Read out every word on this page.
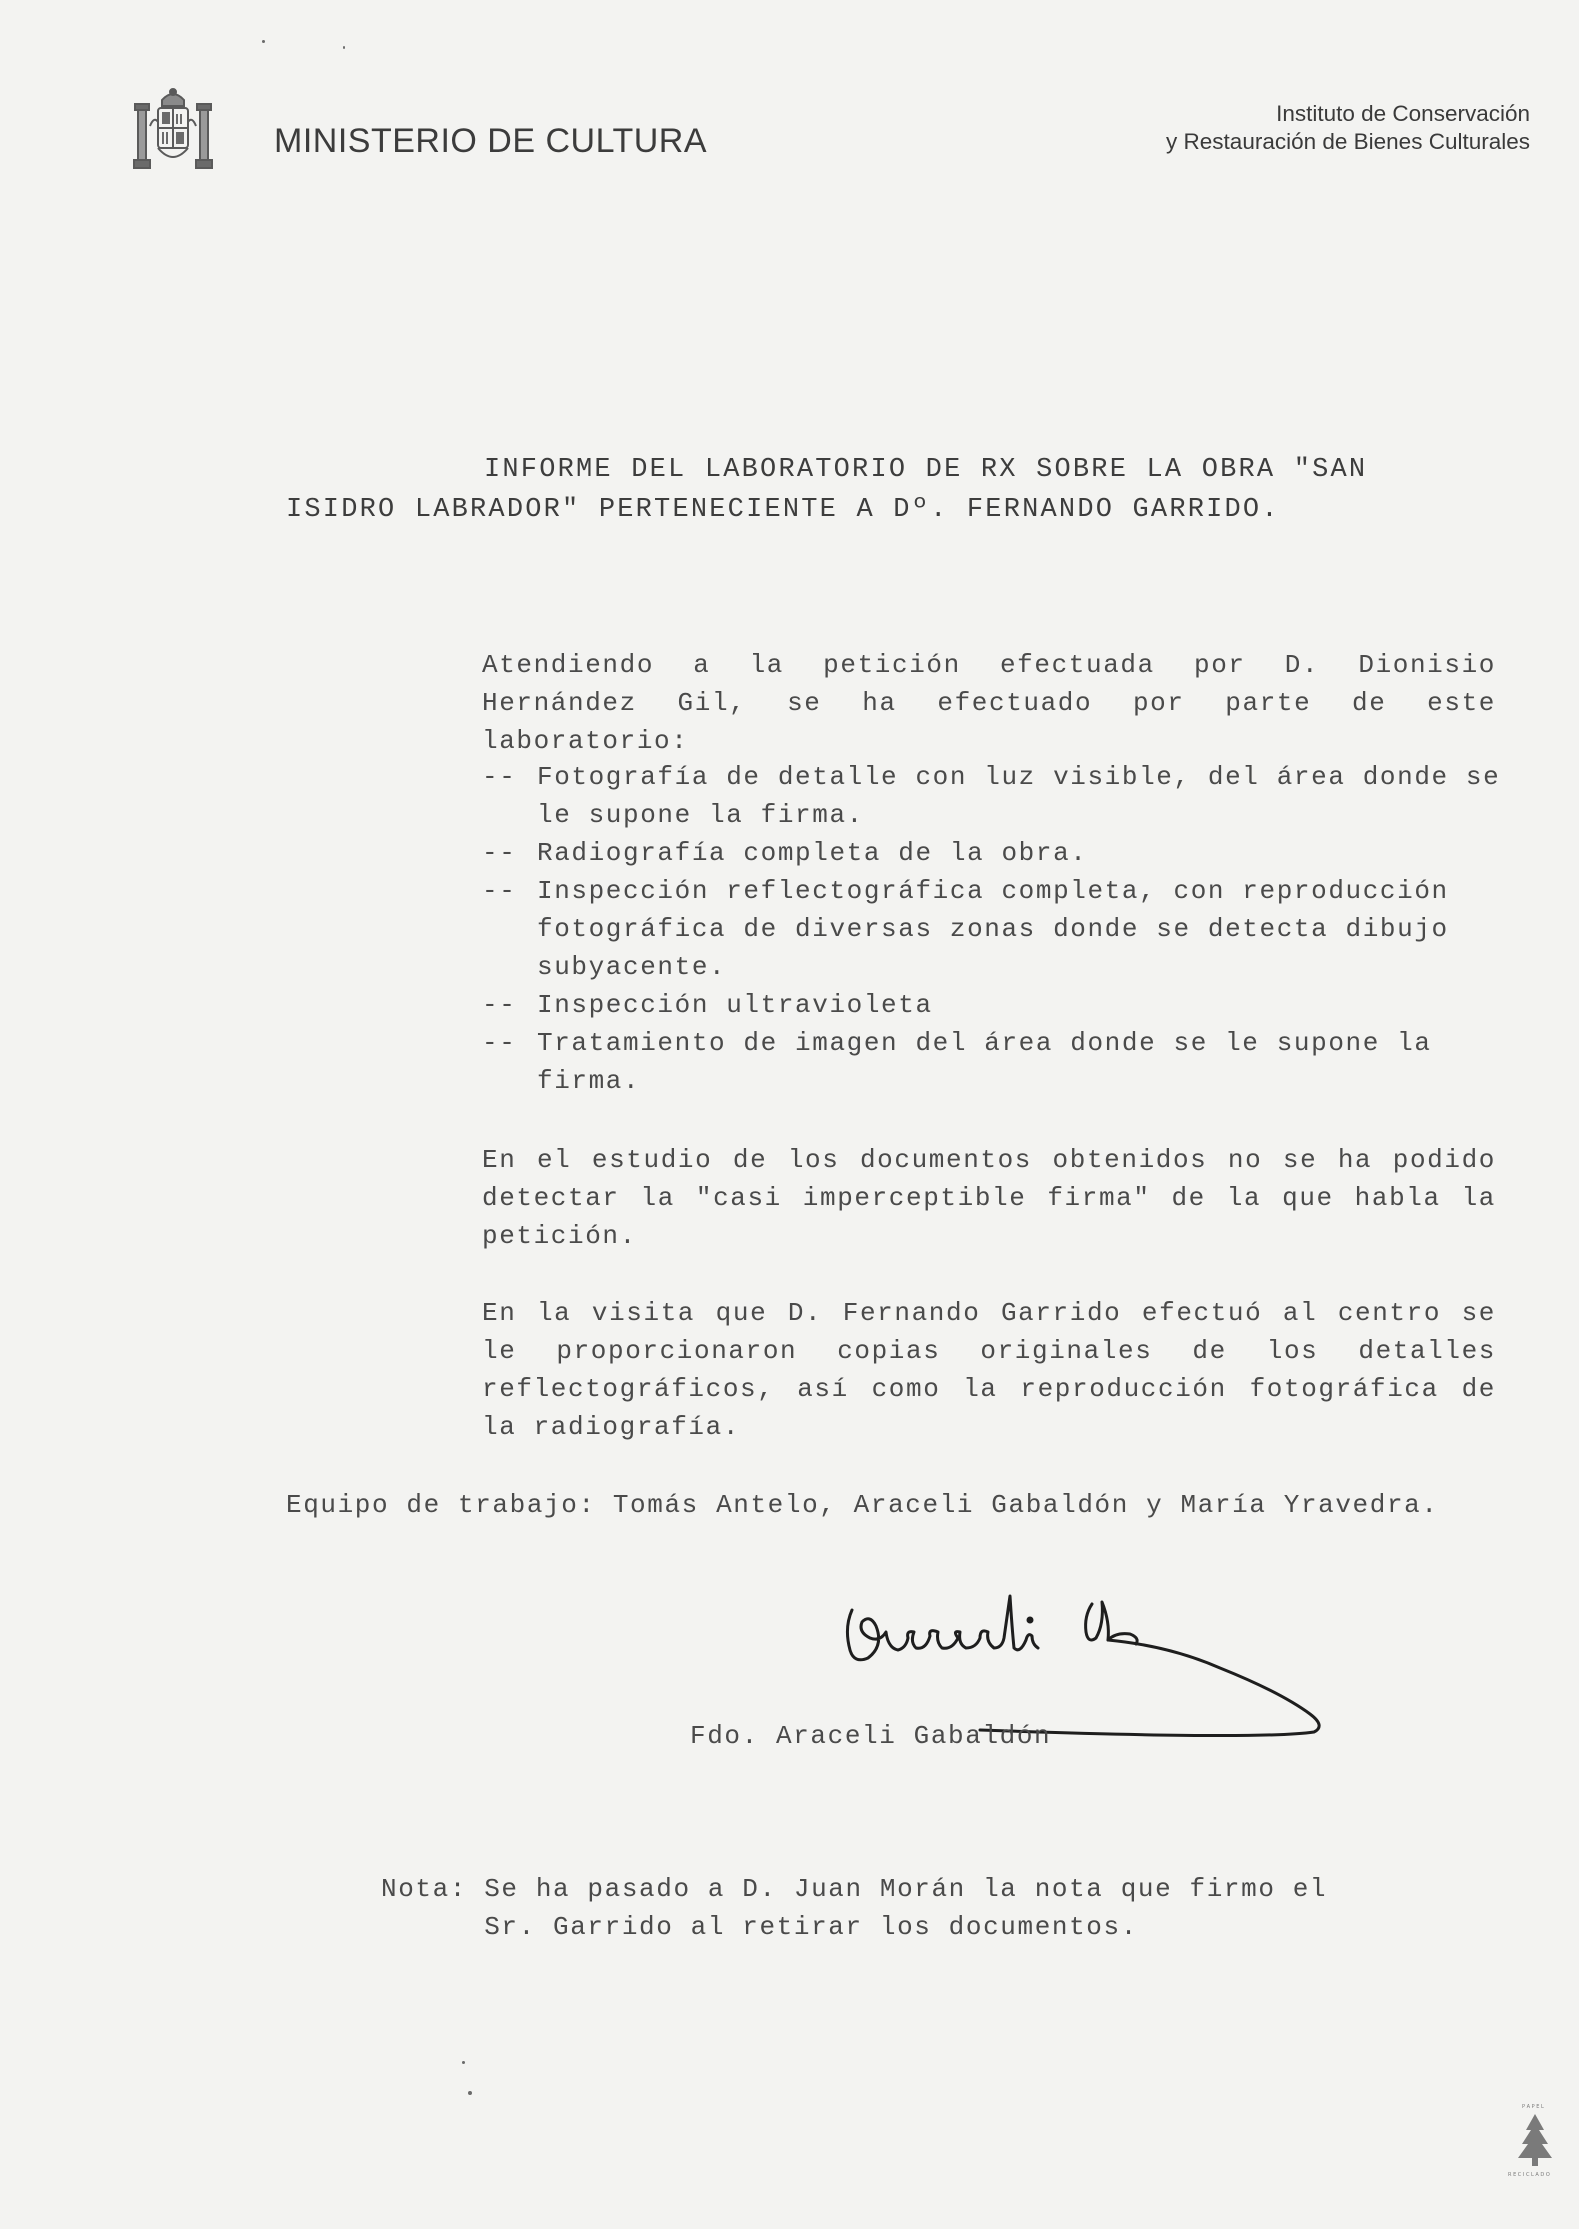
MINISTERIO DE CULTURA
Instituto de Conservación
y Restauración de Bienes Culturales
INFORME DEL LABORATORIO DE RX SOBRE LA OBRA "SAN
ISIDRO LABRADOR" PERTENECIENTE A Dº. FERNANDO GARRIDO.
Atendiendo a la petición efectuada por D. Dionisio Hernández Gil, se ha efectuado por parte de este laboratorio:
-- Fotografía de detalle con luz visible, del área donde se le supone la firma.
-- Radiografía completa de la obra.
-- Inspección reflectográfica completa, con reproducción fotográfica de diversas zonas donde se detecta dibujo subyacente.
-- Inspección ultravioleta
-- Tratamiento de imagen del área donde se le supone la firma.
En el estudio de los documentos obtenidos no se ha podido detectar la "casi imperceptible firma" de la que habla la petición.
En la visita que D. Fernando Garrido efectuó al centro se le proporcionaron copias originales de los detalles reflectográficos, así como la reproducción fotográfica de la radiografía.
Equipo de trabajo: Tomás Antelo, Araceli Gabaldón y María Yravedra.
Fdo. Araceli Gabaldón
Nota: Se ha pasado a D. Juan Morán la nota que firmo el
Sr. Garrido al retirar los documentos.
P A P E L
R E C I C L A D O
